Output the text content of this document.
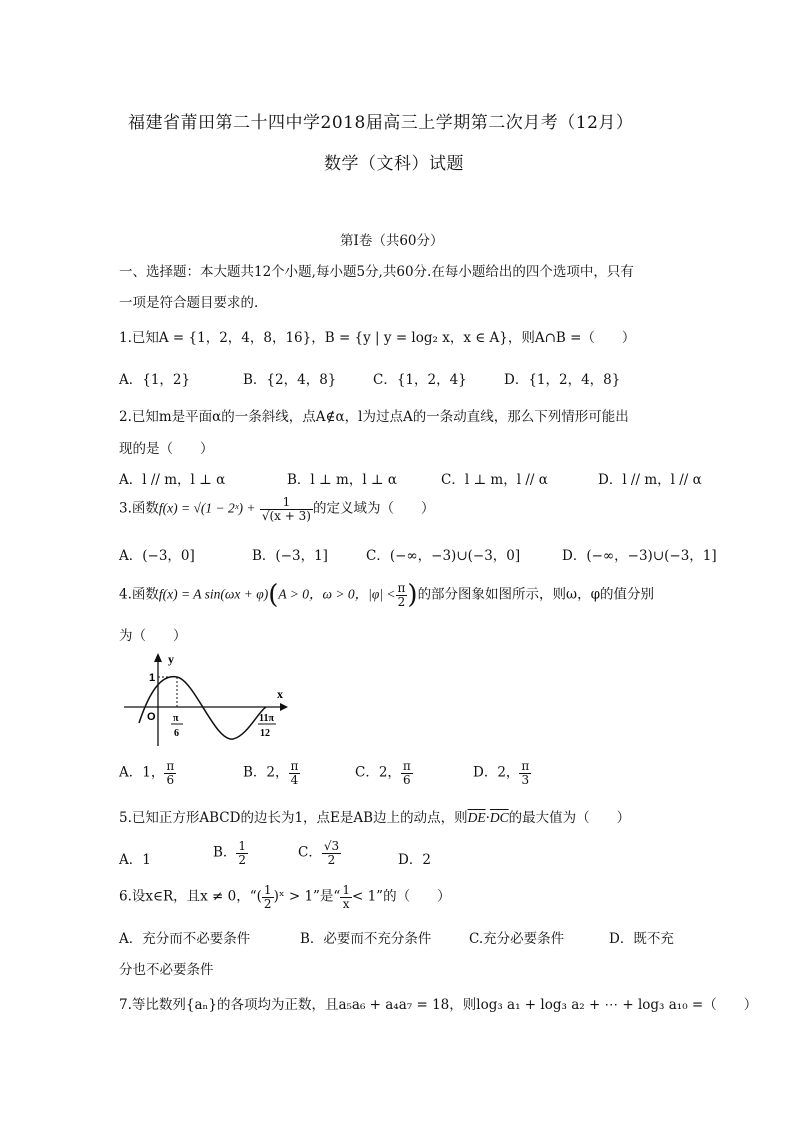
福建省莆田第二十四中学2018届高三上学期第二次月考（12月）
数学（文科）试题
第Ⅰ卷（共60分）
一、选择题：本大题共12个小题,每小题5分,共60分.在每小题给出的四个选项中，只有
一项是符合题目要求的.
1.已知A = {1，2，4，8，16}，B = {y | y = log₂ x，x ∈ A}，则A∩B =（　　）
A．{1，2}	B．{2，4，8}	C．{1，2，4}	D．{1，2，4，8}
2.已知m是平面α的一条斜线，点A∉α，l为过点A的一条动直线，那么下列情形可能出
现的是（　　）
A．l // m，l ⊥ α	B．l ⊥ m，l ⊥ α	C．l ⊥ m，l // α	D．l // m，l // α
3.函数f(x) = √(1 − 2ˣ) + $\frac{1}{√(x + 3)}$ 的定义域为（　　）
A．(−3，0]	B．(−3，1]	C．(−∞，−3)∪(−3，0]	D．(−∞，−3)∪(−3，1]
4.函数f(x) = A sin(ωx + φ)(A > 0，ω > 0，$|\varphi| < \frac{\pi}{2}$ )的部分图象如图所示，则ω，φ的值分别
为（　　）
y
x
O
1
π
6
11π
12
A．1， $\frac{\pi}{6}$	B．2， $\frac{\pi}{4}$	C．2， $\frac{\pi}{6}$	D．2， $\frac{\pi}{3}$
5.已知正方形ABCD的边长为1，点E是AB边上的动点，则$\overline{DE}\cdot\overline{DC}$的最大值为（　　）
A．1	B． $\frac{1}{2}$	C． $\frac{√3}{2}$	D．2
6.设x∈R，且x ≠ 0，“( $\frac{1}{2}$ )ˣ > 1”是“ $\frac{1}{x} < 1$”的（　　）
A．充分而不必要条件	B．必要而不充分条件	C.充分必要条件	D．既不充
分也不必要条件
7.等比数列{aₙ}的各项均为正数，且a₅a₆ + a₄a₇ = 18，则log₃ a₁ + log₃ a₂ + ⋯ + log₃ a₁₀ =（　　）
